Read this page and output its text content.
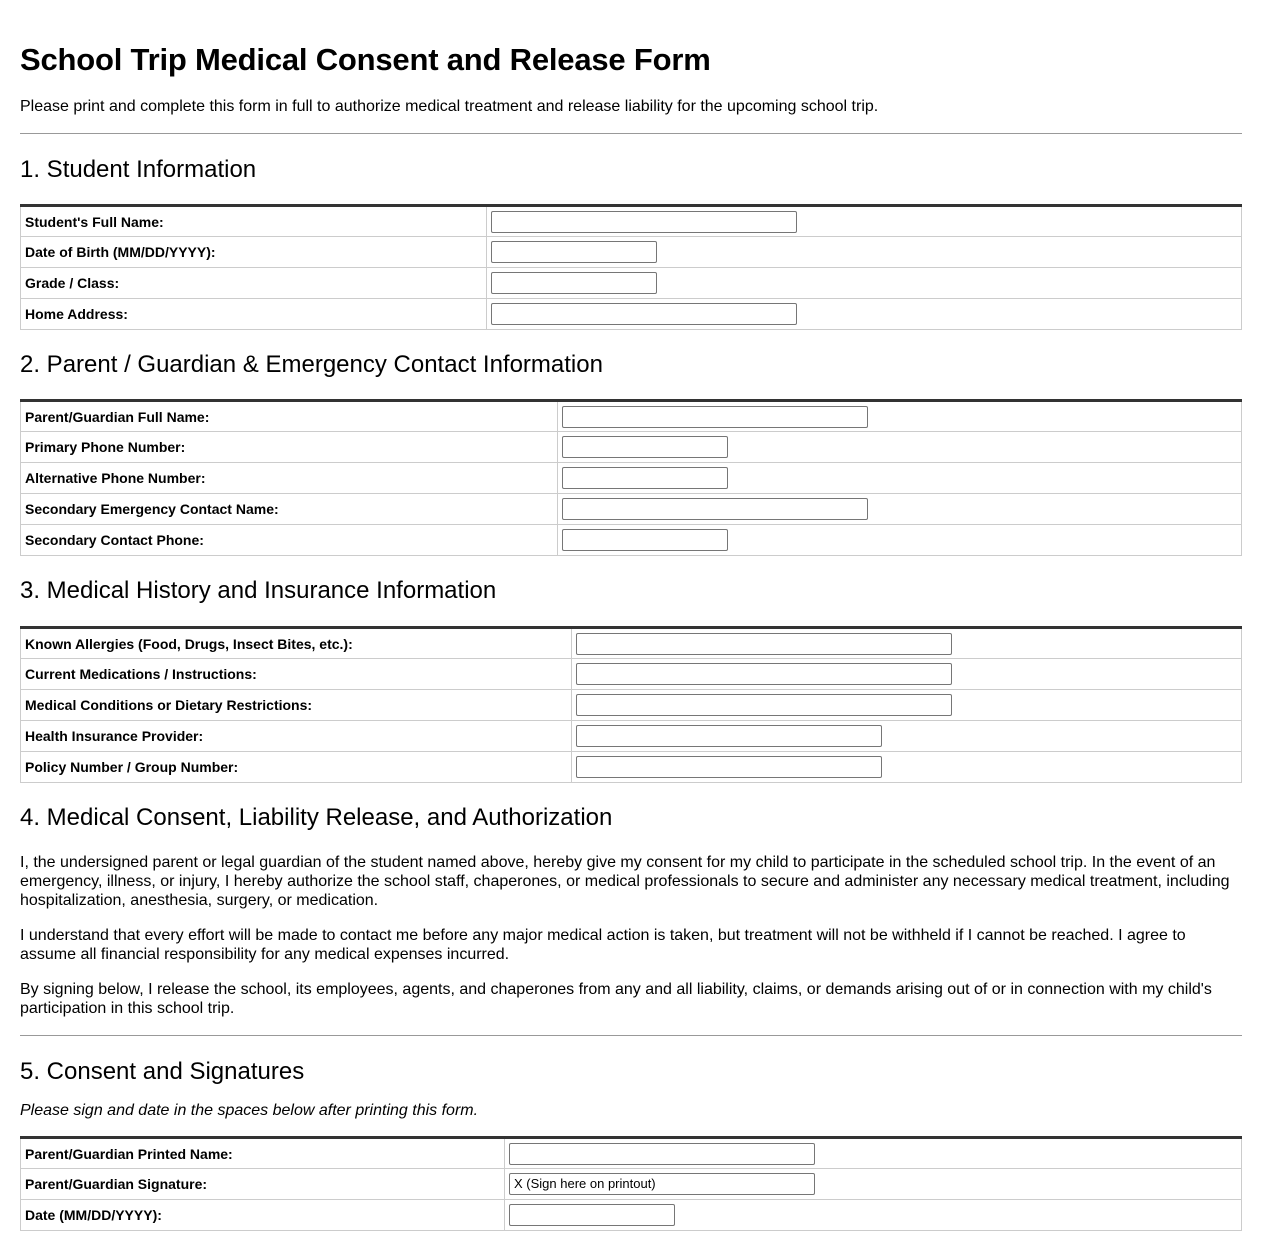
School Trip Medical Consent and Release Form

Please print and complete this form in full to authorize medical treatment and release liability for the upcoming school trip.

1. Student Information
Student's Full Name:	

Date of Birth (MM/DD/YYYY):	

Grade / Class:	

Home Address:	
2. Parent / Guardian & Emergency Contact Information
Parent/Guardian Full Name:	

Primary Phone Number:	

Alternative Phone Number:	

Secondary Emergency Contact Name:	

Secondary Contact Phone:	
3. Medical History and Insurance Information
Known Allergies (Food, Drugs, Insect Bites, etc.):	

Current Medications / Instructions:	

Medical Conditions or Dietary Restrictions:	

Health Insurance Provider:	

Policy Number / Group Number:	
4. Medical Consent, Liability Release, and Authorization

I, the undersigned parent or legal guardian of the student named above, hereby give my consent for my child to participate in the scheduled school trip. In the event of an emergency, illness, or injury, I hereby authorize the school staff, chaperones, or medical professionals to secure and administer any necessary medical treatment, including hospitalization, anesthesia, surgery, or medication.

I understand that every effort will be made to contact me before any major medical action is taken, but treatment will not be withheld if I cannot be reached. I agree to assume all financial responsibility for any medical expenses incurred.

By signing below, I release the school, its employees, agents, and chaperones from any and all liability, claims, or demands arising out of or in connection with my child's participation in this school trip.

5. Consent and Signatures

Please sign and date in the spaces below after printing this form.

Parent/Guardian Printed Name:	

Parent/Guardian Signature:	X (Sign here on printout)

Date (MM/DD/YYYY):	
